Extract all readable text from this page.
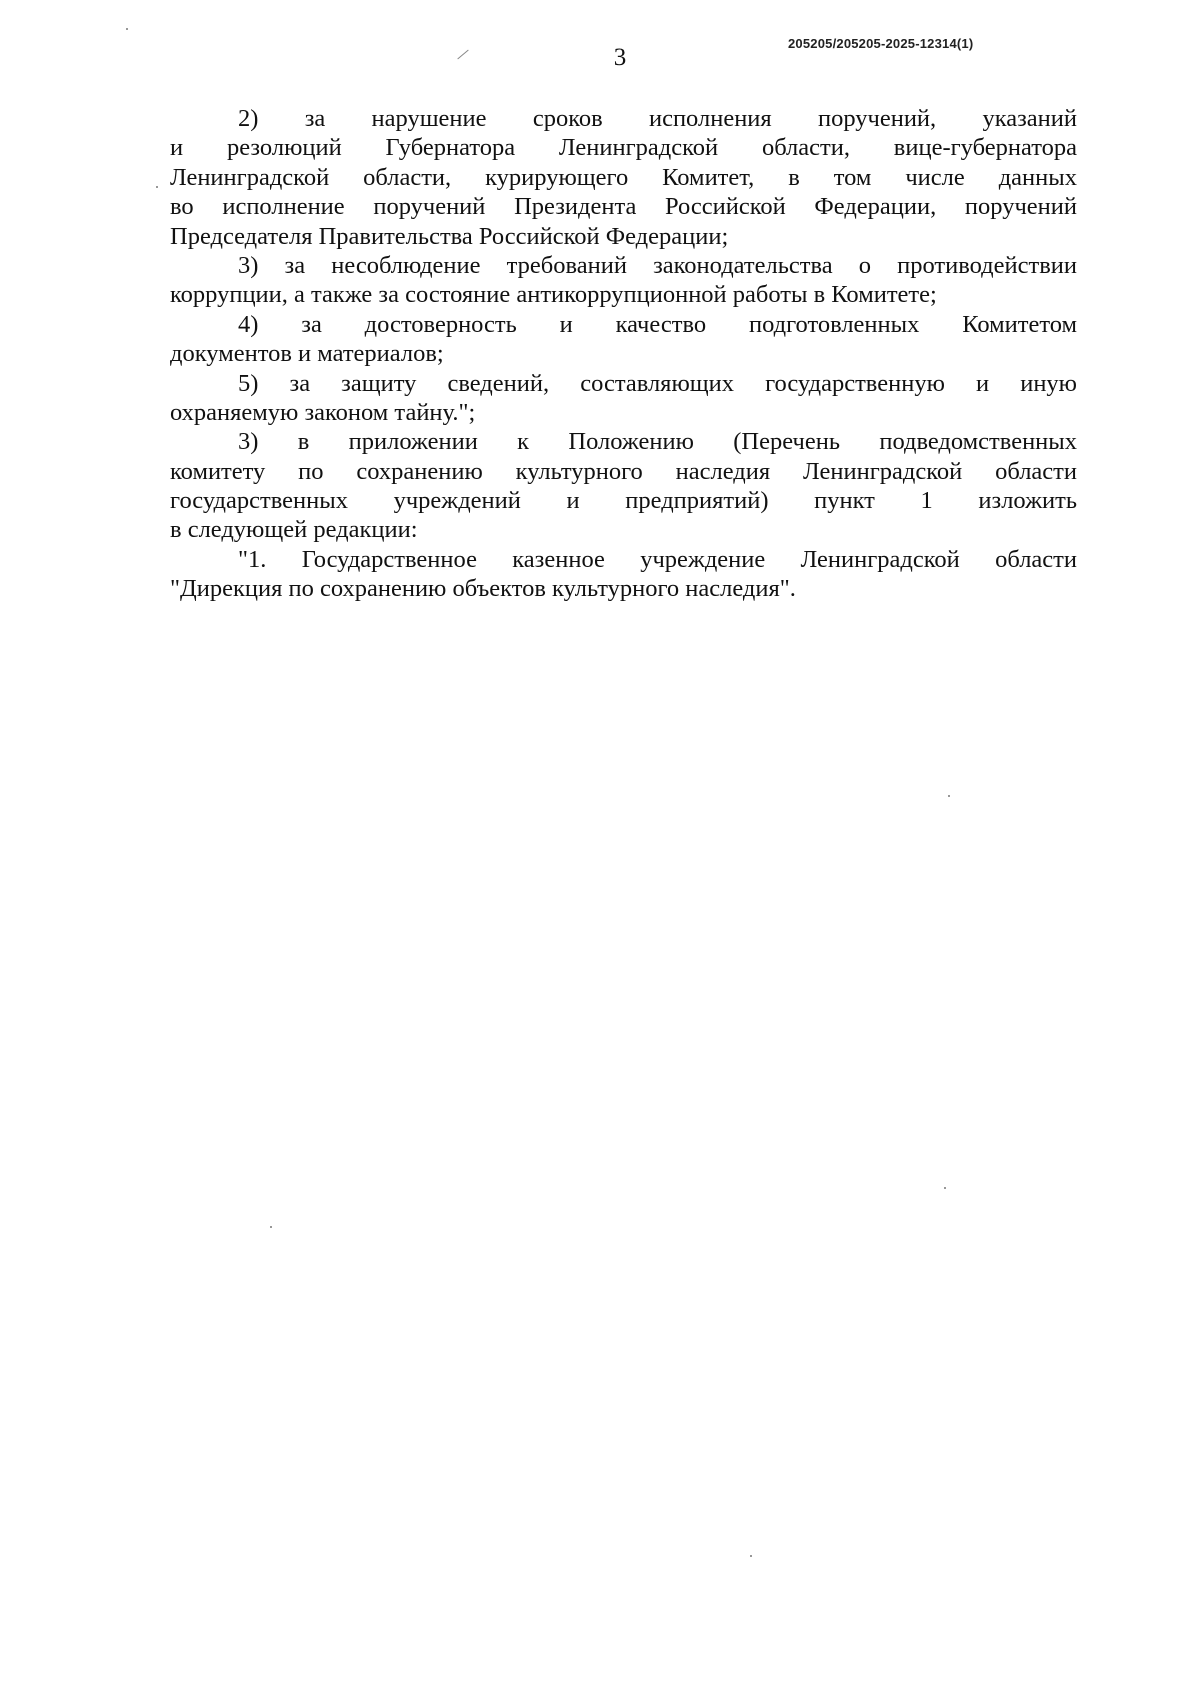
205205/205205-2025-12314(1)
3
2) за нарушение сроков исполнения поручений, указаний
и резолюций Губернатора Ленинградской области, вице-губернатора
Ленинградской области, курирующего Комитет, в том числе данных
во исполнение поручений Президента Российской Федерации, поручений
Председателя Правительства Российской Федерации;
3) за несоблюдение требований законодательства о противодействии
коррупции, а также за состояние антикоррупционной работы в Комитете;
4) за достоверность и качество подготовленных Комитетом
документов и материалов;
5) за защиту сведений, составляющих государственную и иную
охраняемую законом тайну.";
3) в приложении к Положению (Перечень подведомственных
комитету по сохранению культурного наследия Ленинградской области
государственных учреждений и предприятий) пункт 1 изложить
в следующей редакции:
"1. Государственное казенное учреждение Ленинградской области
"Дирекция по сохранению объектов культурного наследия".
